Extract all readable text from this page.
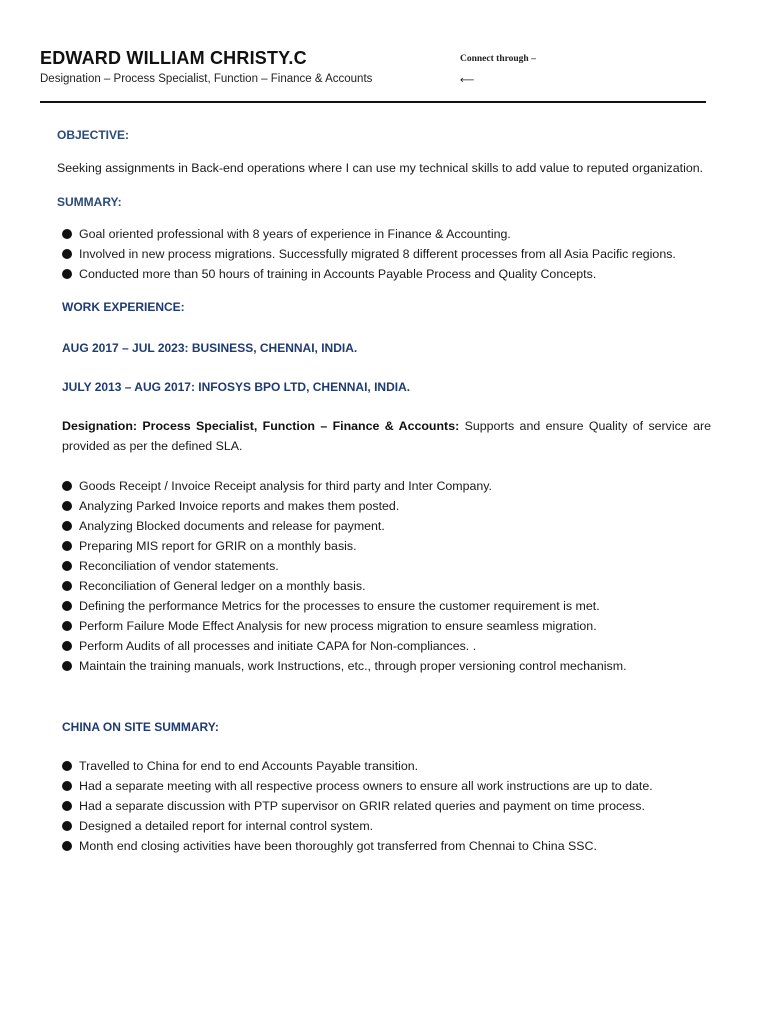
EDWARD WILLIAM CHRISTY.C
Designation – Process Specialist, Function – Finance & Accounts
Connect through –
⟵
OBJECTIVE:
Seeking assignments in Back-end operations where I can use my technical skills to add value to reputed organization.
SUMMARY:
Goal oriented professional with 8 years of experience in Finance & Accounting.
Involved in new process migrations. Successfully migrated 8 different processes from all Asia Pacific regions.
Conducted more than 50 hours of training in Accounts Payable Process and Quality Concepts.
WORK EXPERIENCE:
AUG 2017 – JUL 2023: BUSINESS, CHENNAI, INDIA.
JULY 2013 – AUG 2017: INFOSYS BPO LTD, CHENNAI, INDIA.
Designation: Process Specialist, Function – Finance & Accounts: Supports and ensure Quality of service are provided as per the defined SLA.
Goods Receipt / Invoice Receipt analysis for third party and Inter Company.
Analyzing Parked Invoice reports and makes them posted.
Analyzing Blocked documents and release for payment.
Preparing MIS report for GRIR on a monthly basis.
Reconciliation of vendor statements.
Reconciliation of General ledger on a monthly basis.
Defining the performance Metrics for the processes to ensure the customer requirement is met.
Perform Failure Mode Effect Analysis for new process migration to ensure seamless migration.
Perform Audits of all processes and initiate CAPA for Non-compliances. .
Maintain the training manuals, work Instructions, etc., through proper versioning control mechanism.
CHINA ON SITE SUMMARY:
Travelled to China for end to end Accounts Payable transition.
Had a separate meeting with all respective process owners to ensure all work instructions are up to date.
Had a separate discussion with PTP supervisor on GRIR related queries and payment on time process.
Designed a detailed report for internal control system.
Month end closing activities have been thoroughly got transferred from Chennai to China SSC.
